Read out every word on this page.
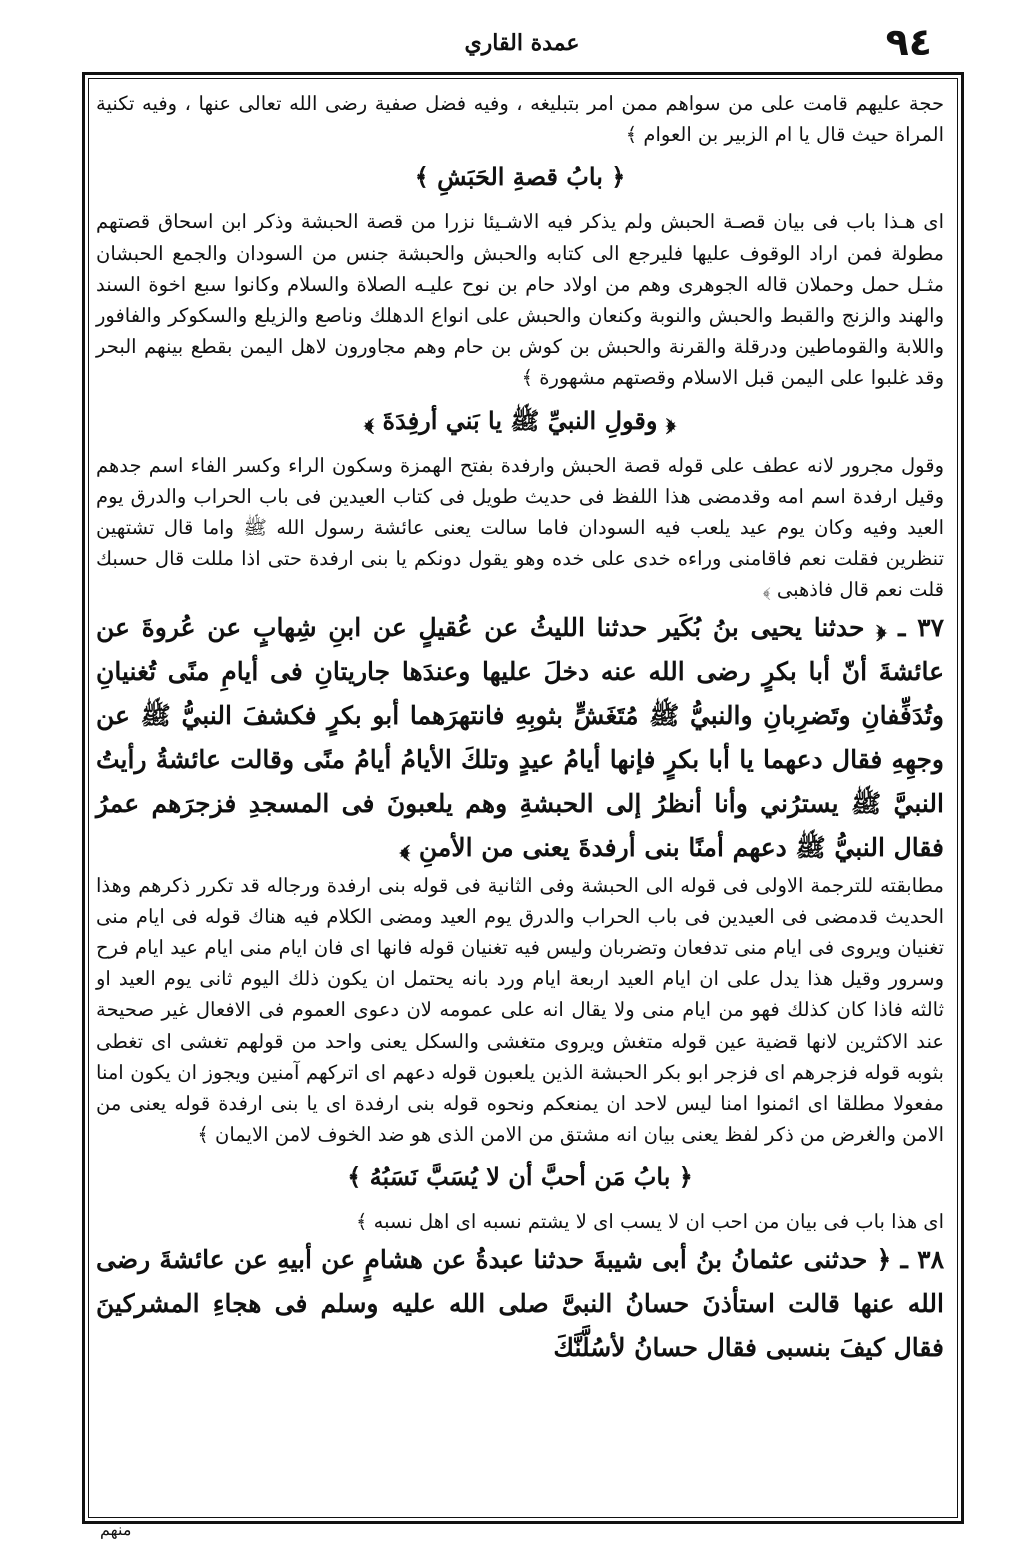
عمدة القاري	٩٤

حجة عليهم قامت على من سواهم ممن امر بتبليغه ، وفيه فضل صفية رضى الله تعالى عنها ، وفيه تكنية المراة حيث قال يا ام الزبير بن العوام ﴾

﴿ بابُ قصةِ الحَبَشِ ﴾

اى هـذا باب فى بيان قصـة الحبش ولم يذكر فيه الاشـيئا نزرا من قصة الحبشة وذكر ابن اسحاق قصتهم مطولة فمن اراد الوقوف عليها فليرجع الى كتابه والحبش والحبشة جنس من السودان والجمع الحبشان مثـل حمل وحملان قاله الجوهرى وهم من اولاد حام بن نوح عليـه الصلاة والسلام وكانوا سبع اخوة السند والهند والزنج والقبط والحبش والنوبة وكنعان والحبش على انواع الدهلك وناصع والزيلع والسكوكر والفافور واللابة والقوماطين ودرقلة والقرنة والحبش بن كوش بن حام وهم مجاورون لاهل اليمن بقطع بينهم البحر وقد غلبوا على اليمن قبل الاسلام وقصتهم مشهورة ﴾

﴿ وقولِ النبيِّ ﷺ يا بَني أرفِدَةَ ﴾

وقول مجرور لانه عطف على قوله قصة الحبش وارفدة بفتح الهمزة وسكون الراء وكسر الفاء اسم جدهم وقيل ارفدة اسم امه وقدمضى هذا اللفظ فى حديث طويل فى كتاب العيدين فى باب الحراب والدرق يوم العيد وفيه وكان يوم عيد يلعب فيه السودان فاما سالت يعنى عائشة رسول الله ﷺ واما قال تشتهين تنظرين فقلت نعم فاقامنى وراءه خدى على خده وهو يقول دونكم يا بنى ارفدة حتى اذا مللت قال حسبك قلت نعم قال فاذهبى ﴾

٣٧ ـ ﴿ حدثنا يحيى بنُ بُكَير حدثنا الليثُ عن عُقيلٍ عن ابنِ شِهابٍ عن عُروةَ عن عائشةَ أنّ أبا بكرٍ رضى الله عنه دخلَ عليها وعندَها جاريتانِ فى أيامِ منًى تُغنيانِ وتُدَفِّفانِ وتَضرِبانِ والنبيُّ ﷺ مُتَغَشٍّ بثوبِهِ فانتهرَهما أبو بكرٍ فكشفَ النبيُّ ﷺ عن وجهِهِ فقال دعهما يا أبا بكرٍ فإنها أيامُ عيدٍ وتلكَ الأيامُ أيامُ منًى وقالت عائشةُ رأيتُ النبيَّ ﷺ يسترُني وأنا أنظرُ إلى الحبشةِ وهم يلعبونَ فى المسجدِ فزجرَهم عمرُ فقال النبيُّ ﷺ دعهم أمنًا بنى أرفدةَ يعنى من الأمنِ ﴾

مطابقته للترجمة الاولى فى قوله الى الحبشة وفى الثانية فى قوله بنى ارفدة ورجاله قد تكرر ذكرهم وهذا الحديث قدمضى فى العيدين فى باب الحراب والدرق يوم العيد ومضى الكلام فيه هناك قوله فى ايام منى تغنيان ويروى فى ايام منى تدفعان وتضربان وليس فيه تغنيان قوله فانها اى فان ايام منى ايام عيد ايام فرح وسرور وقيل هذا يدل على ان ايام العيد اربعة ايام ورد بانه يحتمل ان يكون ذلك اليوم ثانى يوم العيد او ثالثه فاذا كان كذلك فهو من ايام منى ولا يقال انه على عمومه لان دعوى العموم فى الافعال غير صحيحة عند الاكثرين لانها قضية عين قوله متغش ويروى متغشى والسكل يعنى واحد من قولهم تغشى اى تغطى بثوبه قوله فزجرهم اى فزجر ابو بكر الحبشة الذين يلعبون قوله دعهم اى اتركهم آمنين ويجوز ان يكون امنا مفعولا مطلقا اى ائمنوا امنا ليس لاحد ان يمنعكم ونحوه قوله بنى ارفدة اى يا بنى ارفدة قوله يعنى من الامن والغرض من ذكر لفظ يعنى بيان انه مشتق من الامن الذى هو ضد الخوف لامن الايمان ﴾

﴿ بابُ مَن أحبَّ أن لا يُسَبَّ نَسَبُهُ ﴾

اى هذا باب فى بيان من احب ان لا يسب اى لا يشتم نسبه اى اهل نسبه ﴾

٣٨ ـ ﴿ حدثنى عثمانُ بنُ أبى شيبةَ حدثنا عبدةُ عن هشامٍ عن أبيهِ عن عائشةَ رضى الله عنها قالت استأذنَ حسانُ النبىَّ صلى الله عليه وسلم فى هجاءِ المشركينَ فقال كيفَ بنسبى فقال حسانُ لأسُلَّنَّكَ

منهم
